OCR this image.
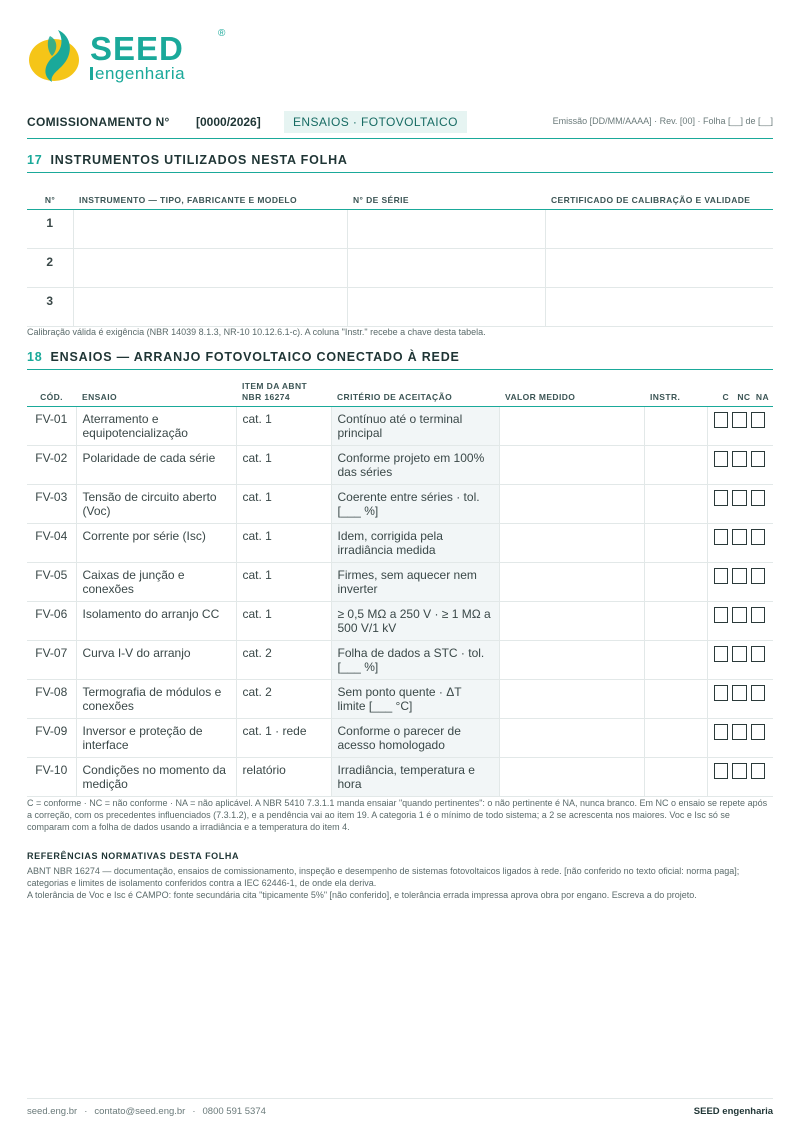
SEED	®
engenharia
COMISSIONAMENTO N° [0000/2026]	ENSAIOS · FOTOVOLTAICO	Emissão [DD/MM/AAAA] · Rev. [00] · Folha [__] de [__]
17 INSTRUMENTOS UTILIZADOS NESTA FOLHA
N°	INSTRUMENTO — TIPO, FABRICANTE E MODELO	N° DE SÉRIE	CERTIFICADO DE CALIBRAÇÃO E VALIDADE
1			
2			
3			
Calibração válida é exigência (NBR 14039 8.1.3, NR-10 10.12.6.1-c). A coluna "Instr." recebe a chave desta tabela.
18 ENSAIOS — ARRANJO FOTOVOLTAICO CONECTADO À REDE
CÓD.	ENSAIO	ITEM DA ABNT NBR 16274	CRITÉRIO DE ACEITAÇÃO	VALOR MEDIDO	INSTR.	C   NC  NA
FV-01	Aterramento e equipotencialização	cat. 1	Contínuo até o terminal principal			

FV-02	Polaridade de cada série	cat. 1	Conforme projeto em 100% das séries			

FV-03	Tensão de circuito aberto (Voc)	cat. 1	Coerente entre séries · tol. [___ %]			

FV-04	Corrente por série (Isc)	cat. 1	Idem, corrigida pela irradiância medida			

FV-05	Caixas de junção e conexões	cat. 1	Firmes, sem aquecer nem inverter			

FV-06	Isolamento do arranjo CC	cat. 1	≥ 0,5 MΩ a 250 V · ≥ 1 MΩ a 500 V/1 kV			

FV-07	Curva I-V do arranjo	cat. 2	Folha de dados a STC · tol. [___ %]			

FV-08	Termografia de módulos e conexões	cat. 2	Sem ponto quente · ΔT limite [___ °C]			

FV-09	Inversor e proteção de interface	cat. 1 · rede	Conforme o parecer de acesso homologado			

FV-10	Condições no momento da medição	relatório	Irradiância, temperatura e hora			
C = conforme · NC = não conforme · NA = não aplicável. A NBR 5410 7.3.1.1 manda ensaiar "quando pertinentes": o não pertinente é NA, nunca branco. Em NC o ensaio se repete após a correção, com os precedentes influenciados (7.3.1.2), e a pendência vai ao item 19. A categoria 1 é o mínimo de todo sistema; a 2 se acrescenta nos maiores. Voc e Isc só se comparam com a folha de dados usando a irradiância e a temperatura do item 4.
REFERÊNCIAS NORMATIVAS DESTA FOLHA
ABNT NBR 16274 — documentação, ensaios de comissionamento, inspeção e desempenho de sistemas fotovoltaicos ligados à rede. [não conferido no texto oficial: norma paga]; categorias e limites de isolamento conferidos contra a IEC 62446-1, de onde ela deriva.
A tolerância de Voc e Isc é CAMPO: fonte secundária cita "tipicamente 5%" [não conferido], e tolerância errada impressa aprova obra por engano. Escreva a do projeto.
seed.eng.br · contato@seed.eng.br · 0800 591 5374	SEED engenharia
